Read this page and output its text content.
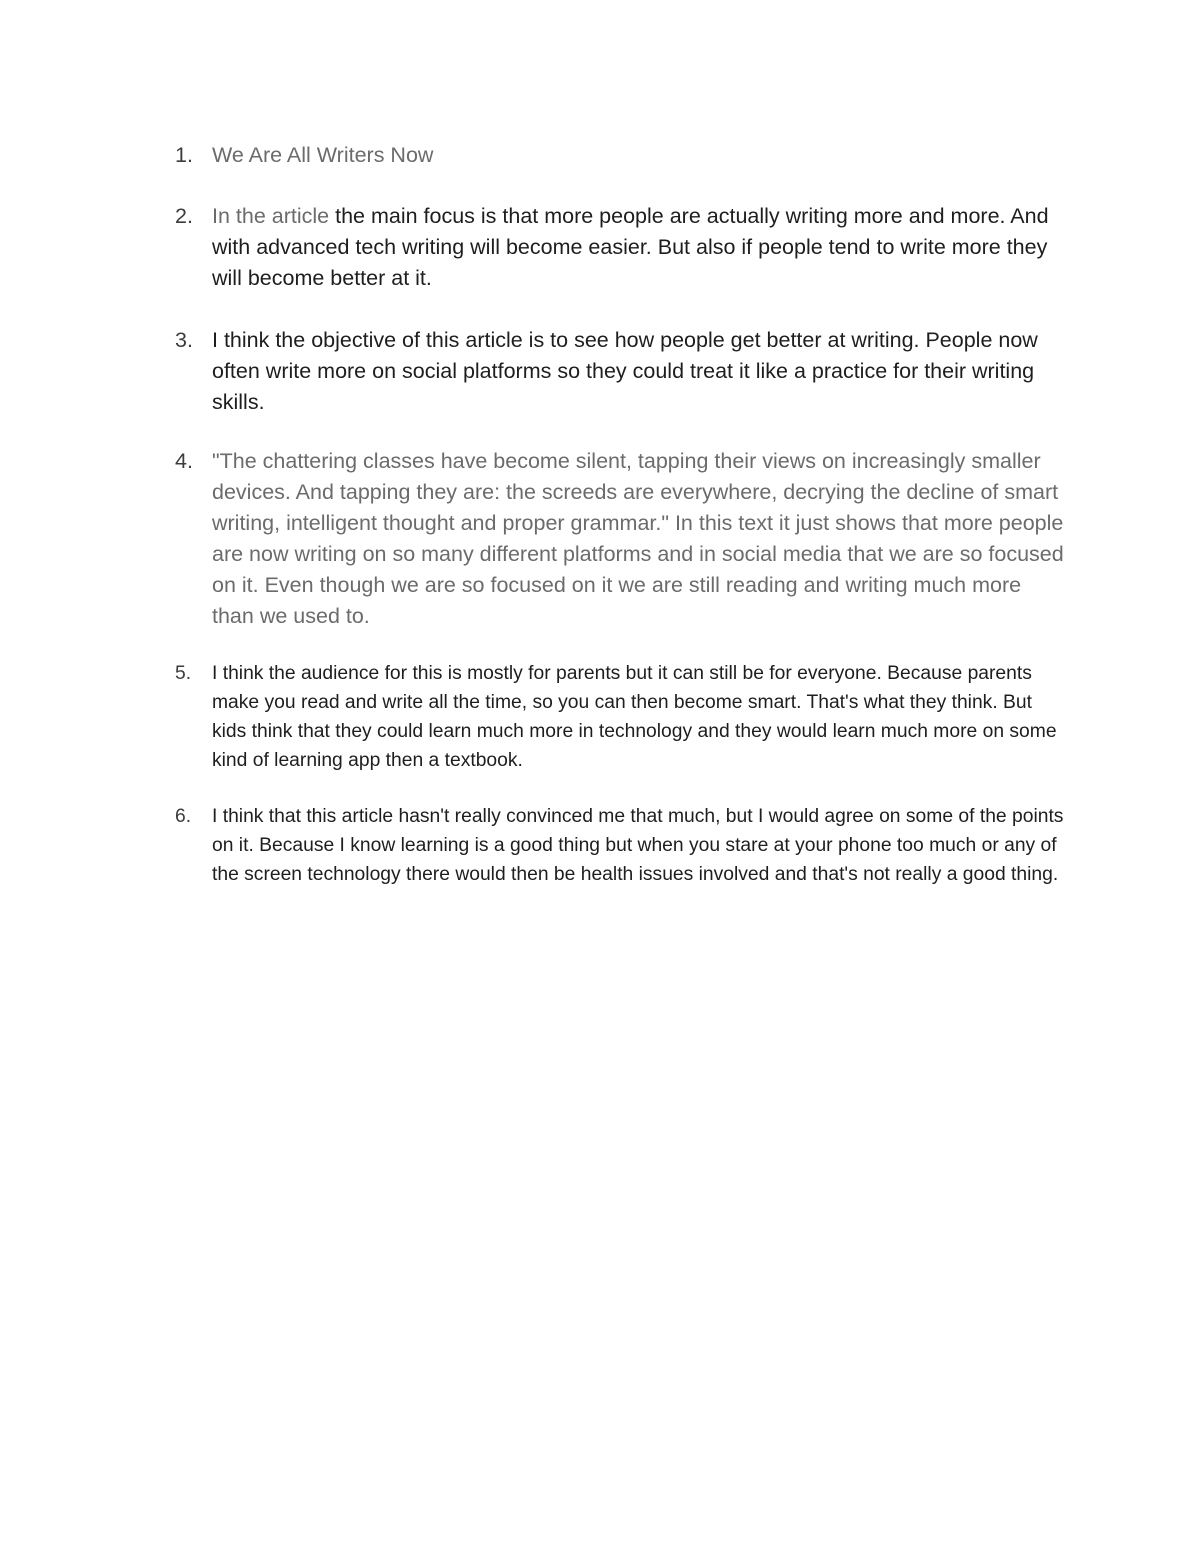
1. We Are All Writers Now

2. In the article the main focus is that more people are actually writing more and more. And with advanced tech writing will become easier. But also if people tend to write more they will become better at it.

3. I think the objective of this article is to see how people get better at writing. People now often write more on social platforms so they could treat it like a practice for their writing skills.

4. "The chattering classes have become silent, tapping their views on increasingly smaller devices. And tapping they are: the screeds are everywhere, decrying the decline of smart writing, intelligent thought and proper grammar." In this text it just shows that more people are now writing on so many different platforms and in social media that we are so focused on it. Even though we are so focused on it we are still reading and writing much more than we used to.

5.	I think the audience for this is mostly for parents but it can still be for everyone. Because parents make you read and write all the time, so you can then become smart. That's what they think. But kids think that they could learn much more in technology and they would learn much more on some kind of learning app then a textbook.

6.	I think that this article hasn't really convinced me that much, but I would agree on some of the points on it. Because I know learning is a good thing but when you stare at your phone too much or any of the screen technology there would then be health issues involved and that's not really a good thing.
